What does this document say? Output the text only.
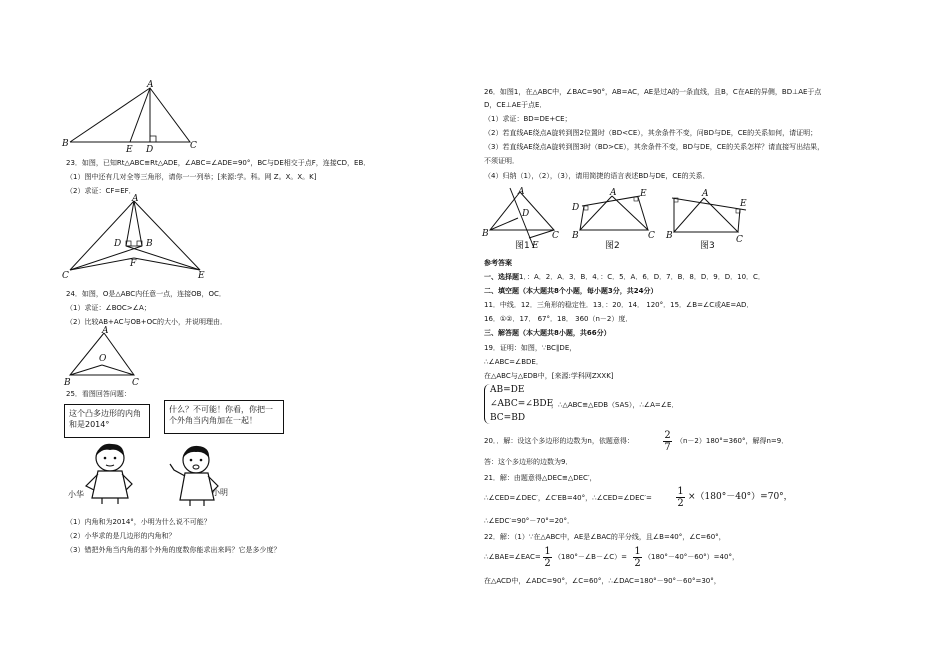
A
B
E D	C
23．如图，已知Rt△ABC≌Rt△ADE，∠ABC=∠ADE=90°，BC与DE相交于点F，连接CD，EB．
（1）图中还有几对全等三角形，请你一一列举；[来源:学。科。网 Z。X。X。K]
（2）求证：CF=EF．
A
D	B
F
C	E
24．如图，O是△ABC内任意一点，连接OB，OC．
（1）求证：∠BOC>∠A；
（2）比较AB+AC与OB+OC的大小，并说明理由．
A
O
B	C
25．看图回答问题：
这个凸多边形的内角和是2014°
什么？不可能！你看，你把一个外角当内角加在一起！
小华	小明
（1）内角和为2014°，小明为什么说不可能？
（2）小华求的是几边形的内角和？
（3）错把外角当内角的那个外角的度数你能求出来吗？它是多少度？
26．如图1，在△ABC中，∠BAC=90°，AB=AC，AE是过A的一条直线，且B，C在AE的异侧，BD⊥AE于点
D，CE⊥AE于点E．
（1）求证：BD=DE+CE；
（2）若直线AE绕点A旋转到图2位置时（BD<CE），其余条件不变，问BD与DE，CE的关系如何，请证明；
（3）若直线AE绕点A旋转到图3时（BD>CE），其余条件不变，BD与DE，CE的关系怎样？请直接写出结果，
不须证明．
（4）归纳（1），（2），（3），请用简捷的语言表述BD与DE，CE的关系．
A
D
B	C
E
图1
A
D
E
B	C
图2
B
A
E
C
图3
参考答案
一、选择题1．：A．2．A．3．B．4．：C．5．A．6．D．7．B．8．D．9．D．10．C．
二、填空题（本大题共8个小题，每小题3分，共24分）
11．中线．12．三角形的稳定性．13．：20．14． 120°．15．∠B=∠C或AE=AD．
16．①②．17． 67°．18． 360（n－2）度．
三、解答题（本大题共8小题，共66分）
19．证明：如图，∵BC∥DE，
∴∠ABC=∠BDE．
在△ABC与△EDB中，[来源:学科网ZXXK]
AB=DE
∠ABC=∠BDE
，∴△ABC≌△EDB（SAS），∴∠A=∠E．
BC=BD
20．．解：设这个多边形的边数为n，依题意得：	$\frac{2}{7} (n-2)180^\circ=360^\circ$，解得n=9．
答：这个多边形的边数为9．
21．解：由题意得△DEC≌△DEC′，
∴∠CED=∠DEC′，∠C′EB=40°，∴∠CED=∠DEC′= $\frac{1}{2} \times(180^\circ-40^\circ)=70^\circ$，
∴∠EDC′=90°－70°=20°．
22．解：（1）∵在△ABC中，AE是∠BAC的平分线，且∠B=40°，∠C=60°，
∴∠BAE=∠EAC= $\frac{1}{2}$ （180°－∠B－∠C）= $\frac{1}{2} (180^\circ-40^\circ-60^\circ)=40^\circ$，
在△ACD中，∠ADC=90°，∠C=60°，∴∠DAC=180°－90°－60°=30°，
